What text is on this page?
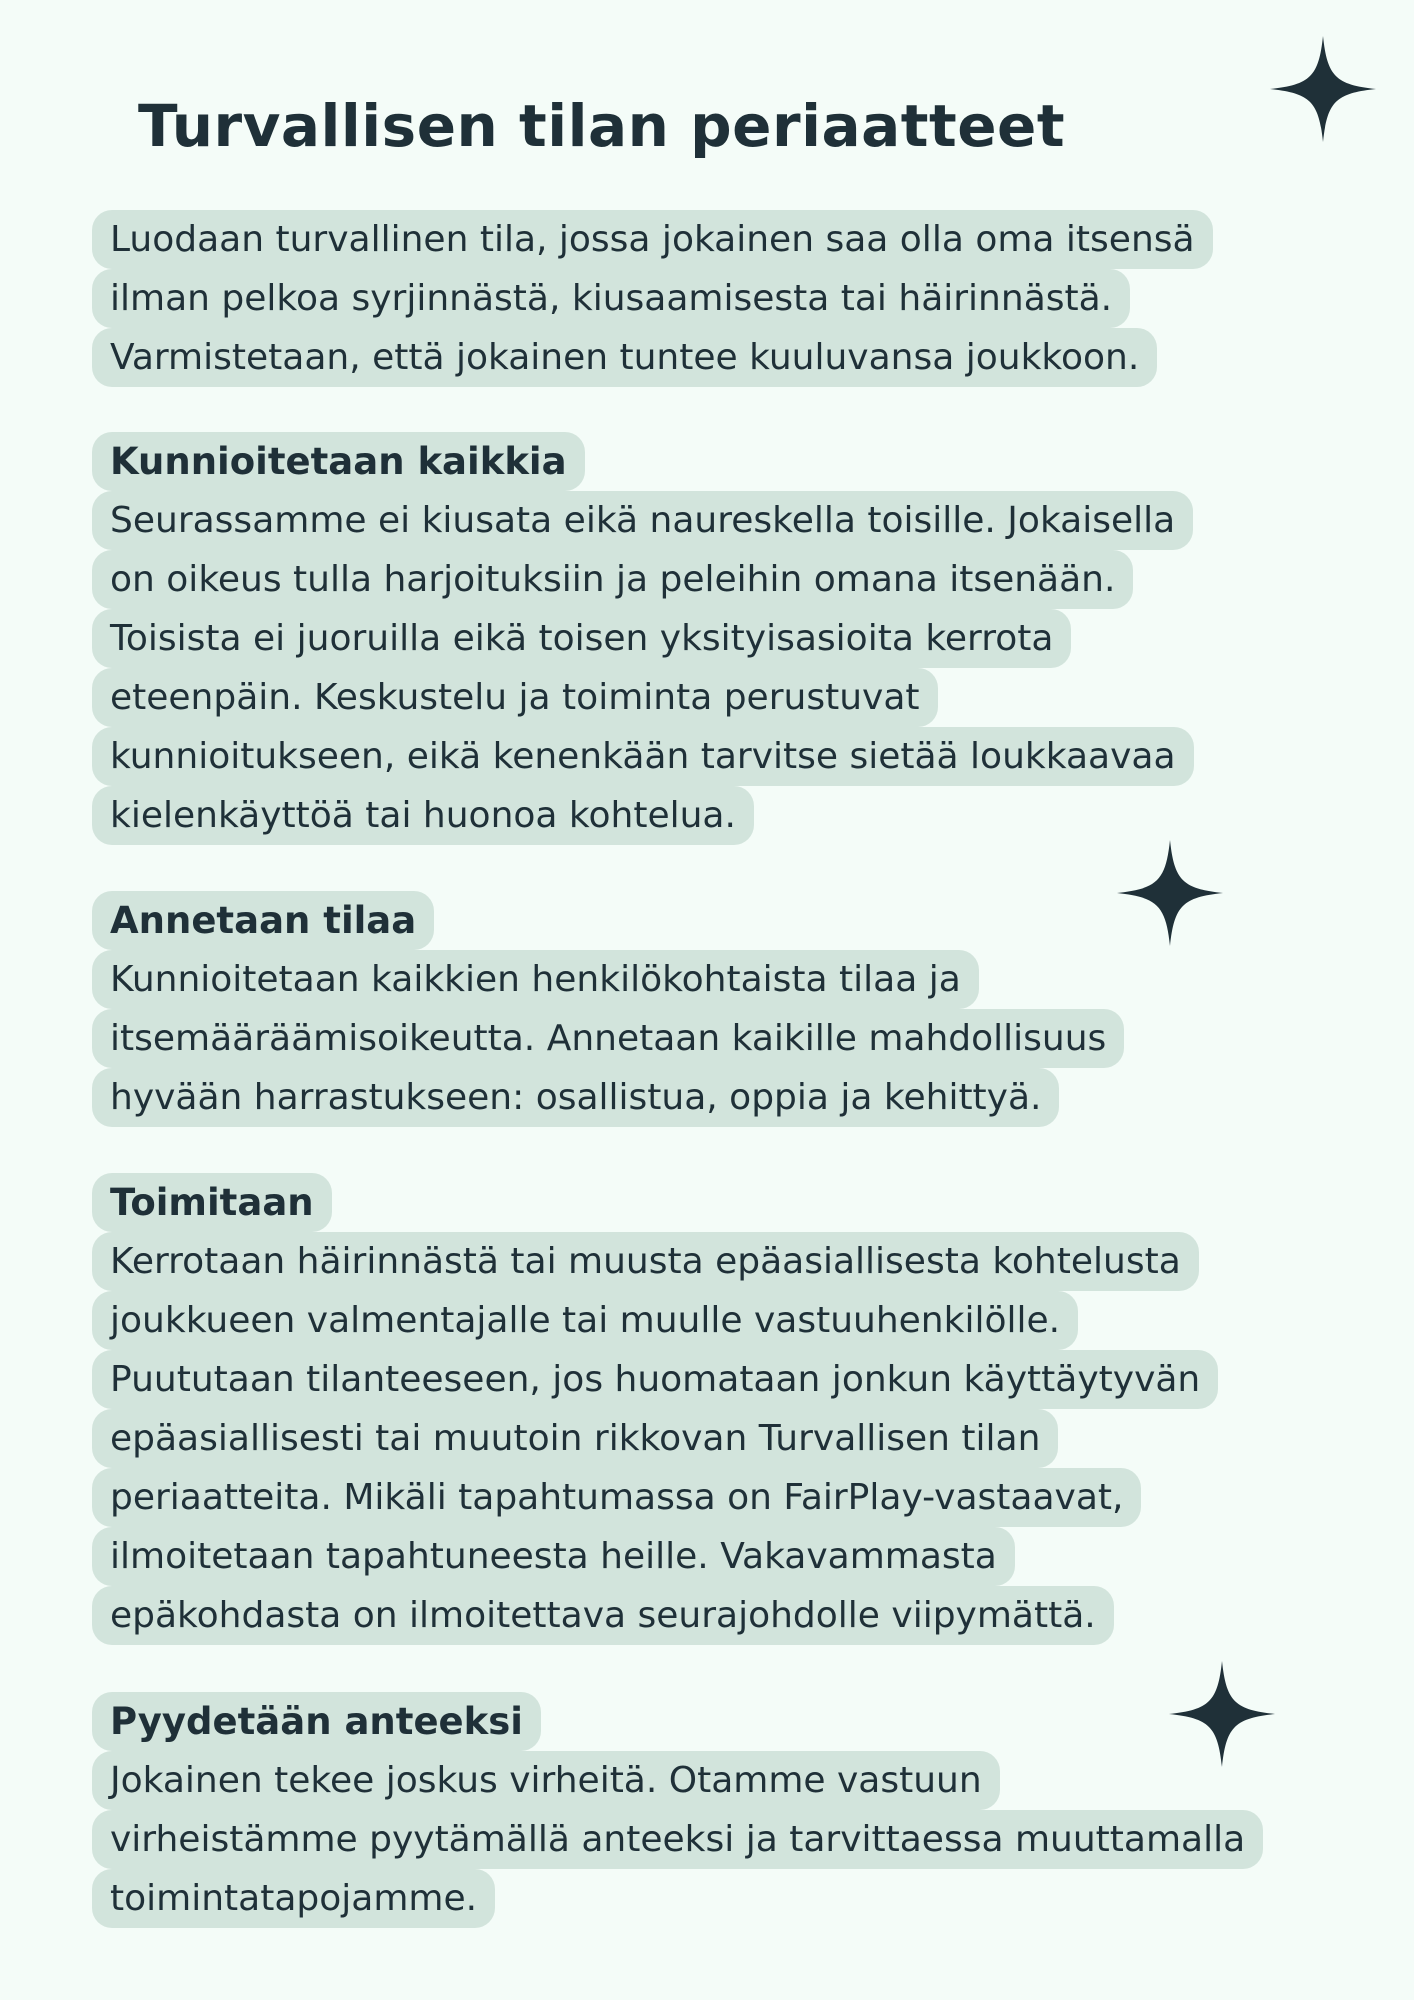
Turvallisen tilan periaatteet
Luodaan turvallinen tila, jossa jokainen saa olla oma itsensä
ilman pelkoa syrjinnästä, kiusaamisesta tai häirinnästä.
Varmistetaan, että jokainen tuntee kuuluvansa joukkoon.
Kunnioitetaan kaikkia
Seurassamme ei kiusata eikä naureskella toisille. Jokaisella
on oikeus tulla harjoituksiin ja peleihin omana itsenään.
Toisista ei juoruilla eikä toisen yksityisasioita kerrota
eteenpäin. Keskustelu ja toiminta perustuvat
kunnioitukseen, eikä kenenkään tarvitse sietää loukkaavaa
kielenkäyttöä tai huonoa kohtelua.
Annetaan tilaa
Kunnioitetaan kaikkien henkilökohtaista tilaa ja
itsemääräämisoikeutta. Annetaan kaikille mahdollisuus
hyvään harrastukseen: osallistua, oppia ja kehittyä.
Toimitaan
Kerrotaan häirinnästä tai muusta epäasiallisesta kohtelusta
joukkueen valmentajalle tai muulle vastuuhenkilölle.
Puututaan tilanteeseen, jos huomataan jonkun käyttäytyvän
epäasiallisesti tai muutoin rikkovan Turvallisen tilan
periaatteita. Mikäli tapahtumassa on FairPlay-vastaavat,
ilmoitetaan tapahtuneesta heille. Vakavammasta
epäkohdasta on ilmoitettava seurajohdolle viipymättä.
Pyydetään anteeksi
Jokainen tekee joskus virheitä. Otamme vastuun
virheistämme pyytämällä anteeksi ja tarvittaessa muuttamalla
toimintatapojamme.
